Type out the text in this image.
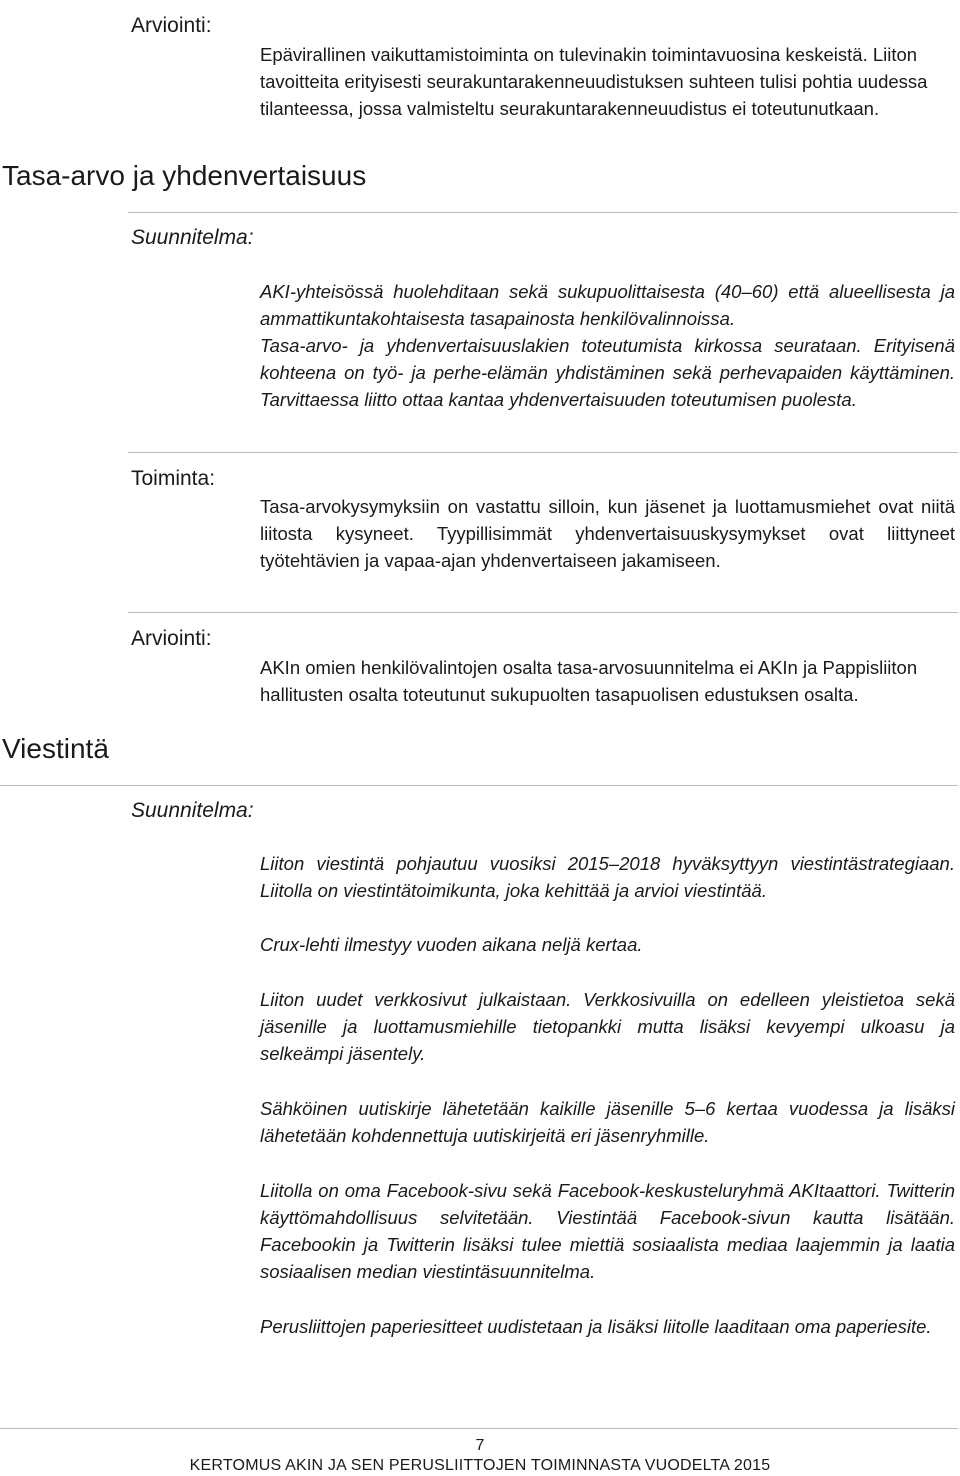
Arviointi:

Epävirallinen vaikuttamistoiminta on tulevinakin toimintavuosina keskeistä. Liiton tavoitteita erityisesti seurakuntarakenneuudistuksen suhteen tulisi pohtia uudessa tilanteessa, jossa valmisteltu seurakuntarakenneuudistus ei toteutunutkaan.

Tasa-arvo ja yhdenvertaisuus
Suunnitelma:

AKI-yhteisössä huolehditaan sekä sukupuolittaisesta (40–60) että alueellisesta ja ammattikuntakohtaisesta tasapainosta henkilövalinnoissa.

Tasa-arvo- ja yhdenvertaisuuslakien toteutumista kirkossa seurataan. Erityisenä kohteena on työ- ja perhe-elämän yhdistäminen sekä perhevapaiden käyttäminen. Tarvittaessa liitto ottaa kantaa yhdenvertaisuuden toteutumisen puolesta.

Toiminta:

Tasa-arvokysymyksiin on vastattu silloin, kun jäsenet ja luottamusmiehet ovat niitä liitosta kysyneet. Tyypillisimmät yhdenvertaisuuskysymykset ovat liittyneet työtehtävien ja vapaa-ajan yhdenvertaiseen jakamiseen.

Arviointi:

AKIn omien henkilövalintojen osalta tasa-arvosuunnitelma ei AKIn ja Pappisliiton hallitusten osalta toteutunut sukupuolten tasapuolisen edustuksen osalta.

Viestintä
Suunnitelma:

Liiton viestintä pohjautuu vuosiksi 2015–2018 hyväksyttyyn viestintästrategiaan. Liitolla on viestintätoimikunta, joka kehittää ja arvioi viestintää.

Crux-lehti ilmestyy vuoden aikana neljä kertaa.

Liiton uudet verkkosivut julkaistaan. Verkkosivuilla on edelleen yleistietoa sekä jäsenille ja luottamusmiehille tietopankki mutta lisäksi kevyempi ulkoasu ja selkeämpi jäsentely.

Sähköinen uutiskirje lähetetään kaikille jäsenille 5–6 kertaa vuodessa ja lisäksi lähetetään kohdennettuja uutiskirjeitä eri jäsenryhmille.

Liitolla on oma Facebook-sivu sekä Facebook-keskusteluryhmä AKItaattori. Twitterin käyttömahdollisuus selvitetään. Viestintää Facebook-sivun kautta lisätään. Facebookin ja Twitterin lisäksi tulee miettiä sosiaalista mediaa laajemmin ja laatia sosiaalisen median viestintäsuunnitelma.

Perusliittojen paperiesitteet uudistetaan ja lisäksi liitolle laaditaan oma paperiesite.

7
KERTOMUS AKIN JA SEN PERUSLIITTOJEN TOIMINNASTA VUODELTA 2015
